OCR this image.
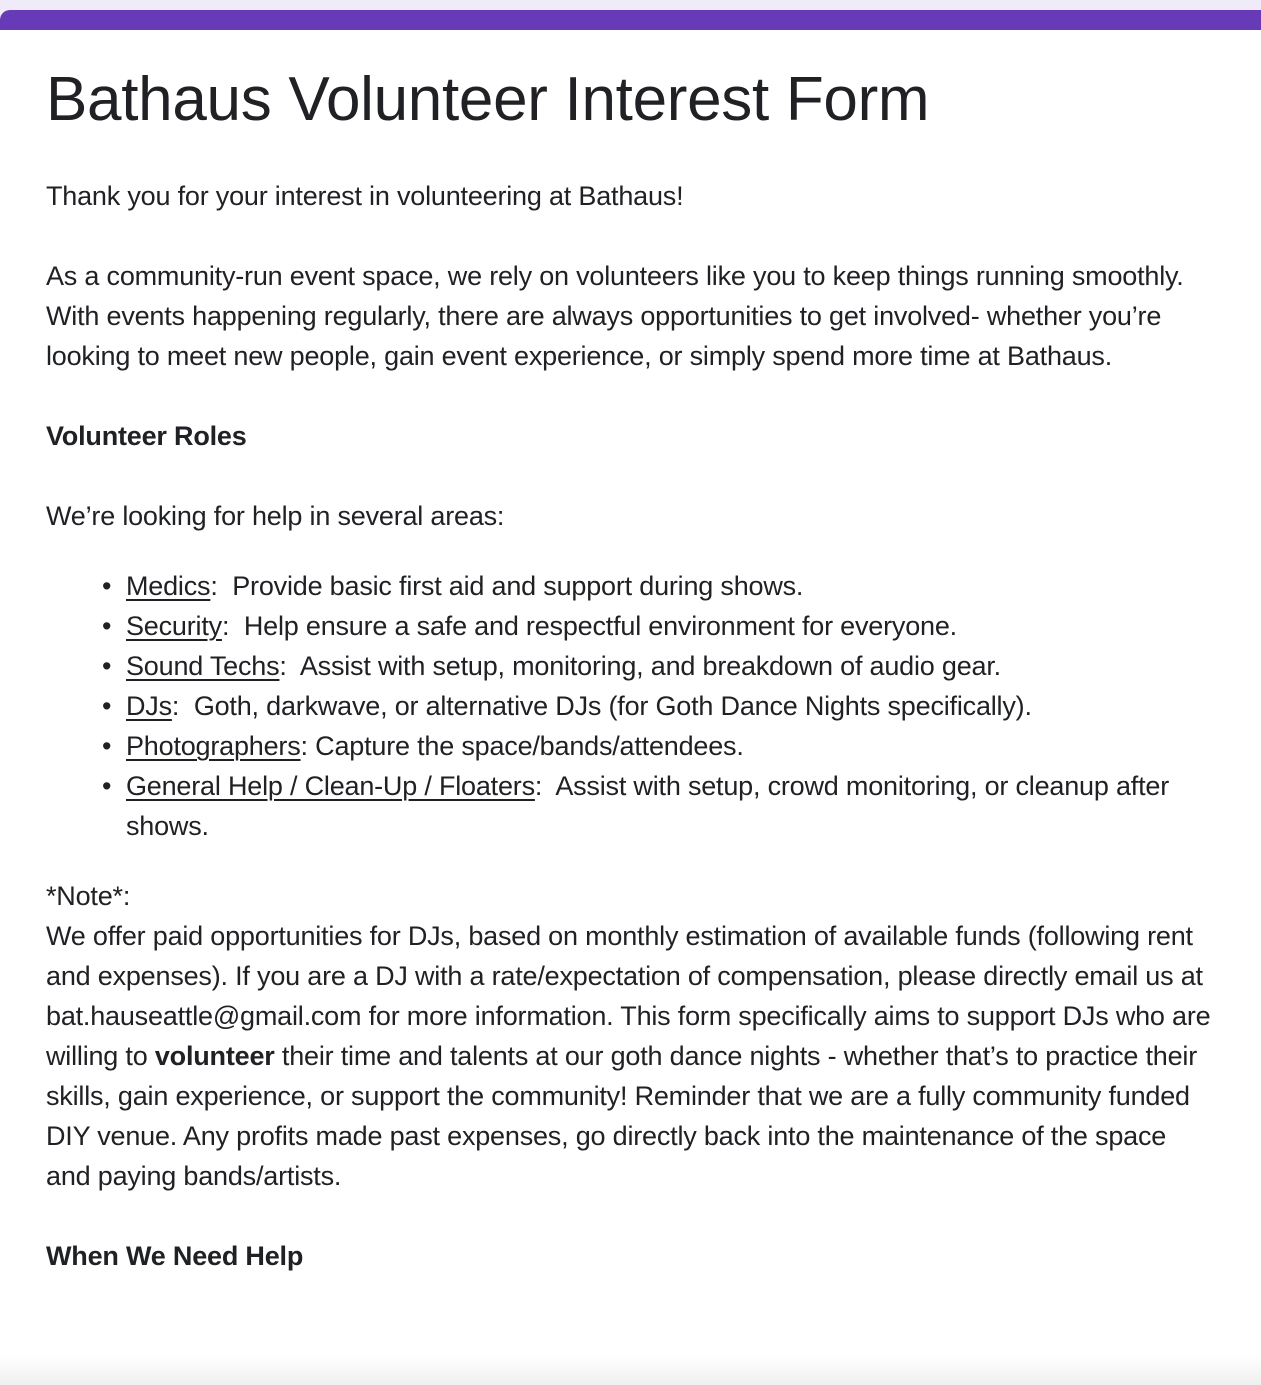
Bathaus Volunteer Interest Form

Thank you for your interest in volunteering at Bathaus!

As a community-run event space, we rely on volunteers like you to keep things running smoothly. With events happening regularly, there are always opportunities to get involved- whether you’re looking to meet new people, gain event experience, or simply spend more time at Bathaus.

Volunteer Roles

We’re looking for help in several areas:

• Medics:  Provide basic first aid and support during shows.
• Security:  Help ensure a safe and respectful environment for everyone.
• Sound Techs:  Assist with setup, monitoring, and breakdown of audio gear.
• DJs:  Goth, darkwave, or alternative DJs (for Goth Dance Nights specifically).
• Photographers: Capture the space/bands/attendees.
• General Help / Clean-Up / Floaters:  Assist with setup, crowd monitoring, or cleanup after shows.

*Note*:

We offer paid opportunities for DJs, based on monthly estimation of available funds (following rent and expenses). If you are a DJ with a rate/expectation of compensation, please directly email us at bat.hauseattle@gmail.com for more information. This form specifically aims to support DJs who are willing to volunteer their time and talents at our goth dance nights - whether that’s to practice their skills, gain experience, or support the community! Reminder that we are a fully community funded DIY venue. Any profits made past expenses, go directly back into the maintenance of the space and paying bands/artists.

When We Need Help
